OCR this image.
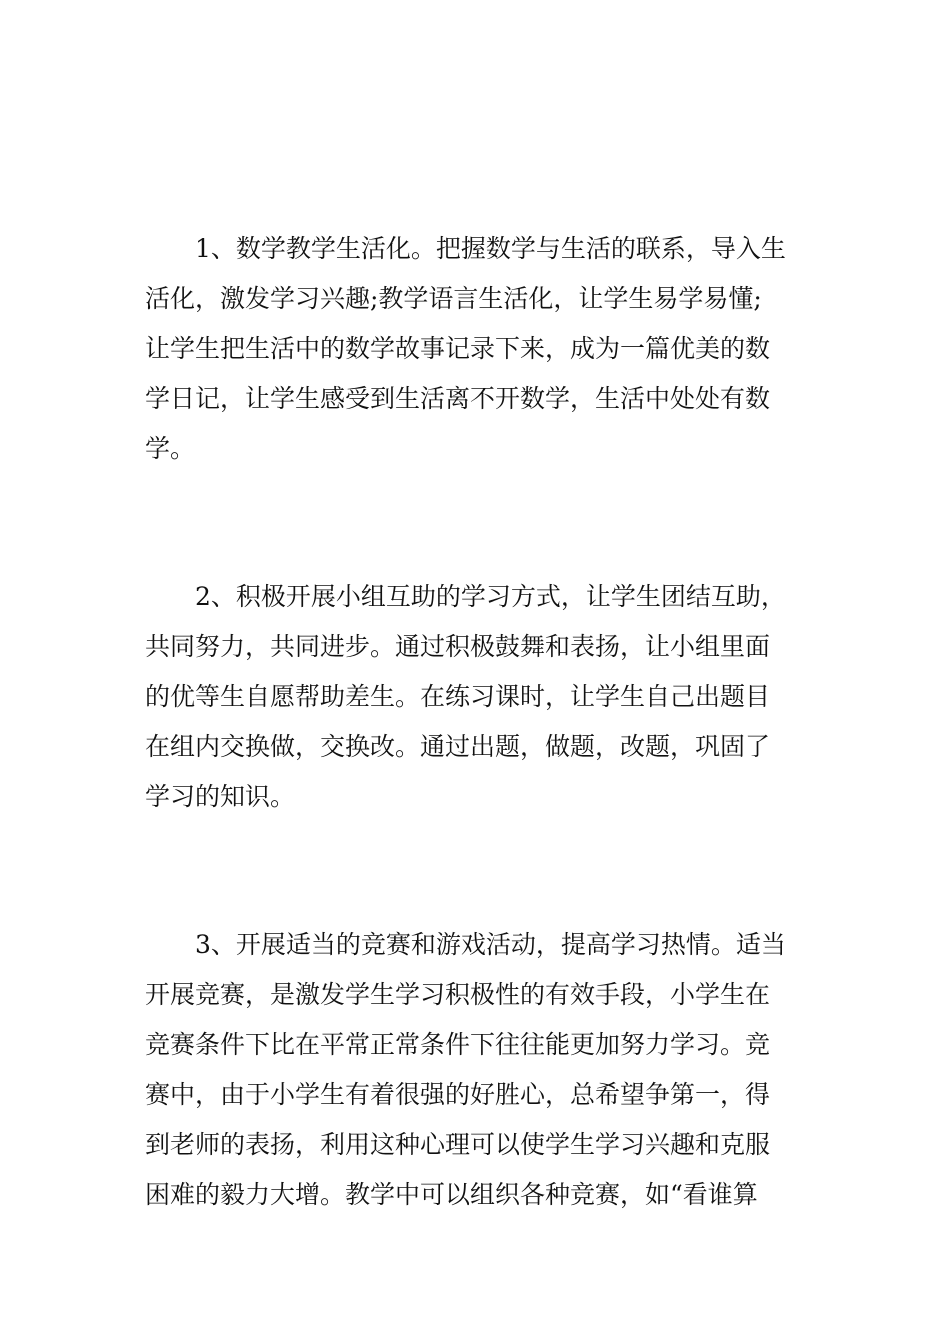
1、数学教学生活化。把握数学与生活的联系，导入生
活化，激发学习兴趣;教学语言生活化，让学生易学易懂;
让学生把生活中的数学故事记录下来，成为一篇优美的数
学日记，让学生感受到生活离不开数学，生活中处处有数
学。
2、积极开展小组互助的学习方式，让学生团结互助，
共同努力，共同进步。通过积极鼓舞和表扬，让小组里面
的优等生自愿帮助差生。在练习课时，让学生自己出题目
在组内交换做，交换改。通过出题，做题，改题，巩固了
学习的知识。
3、开展适当的竞赛和游戏活动，提高学习热情。适当
开展竞赛，是激发学生学习积极性的有效手段，小学生在
竞赛条件下比在平常正常条件下往往能更加努力学习。竞
赛中，由于小学生有着很强的好胜心，总希望争第一，得
到老师的表扬，利用这种心理可以使学生学习兴趣和克服
困难的毅力大增。教学中可以组织各种竞赛，如“看谁算
